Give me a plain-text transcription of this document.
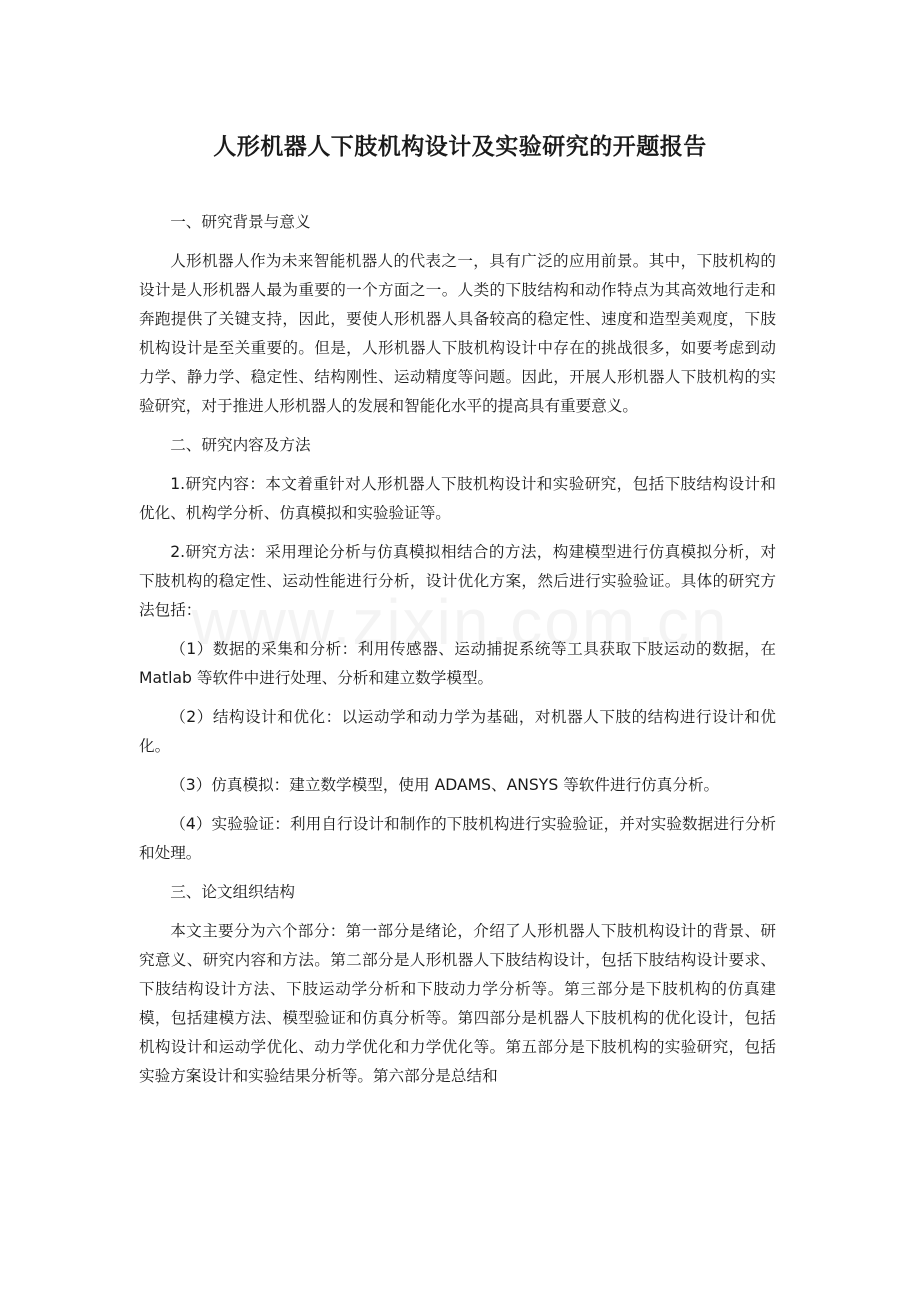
人形机器人下肢机构设计及实验研究的开题报告

一、研究背景与意义

人形机器人作为未来智能机器人的代表之一，具有广泛的应用前景。其中，下肢机构的设计是人形机器人最为重要的一个方面之一。人类的下肢结构和动作特点为其高效地行走和奔跑提供了关键支持，因此，要使人形机器人具备较高的稳定性、速度和造型美观度，下肢机构设计是至关重要的。但是，人形机器人下肢机构设计中存在的挑战很多，如要考虑到动力学、静力学、稳定性、结构刚性、运动精度等问题。因此，开展人形机器人下肢机构的实验研究，对于推进人形机器人的发展和智能化水平的提高具有重要意义。

二、研究内容及方法

1.研究内容：本文着重针对人形机器人下肢机构设计和实验研究，包括下肢结构设计和优化、机构学分析、仿真模拟和实验验证等。

2.研究方法：采用理论分析与仿真模拟相结合的方法，构建模型进行仿真模拟分析，对下肢机构的稳定性、运动性能进行分析，设计优化方案，然后进行实验验证。具体的研究方法包括：

（1）数据的采集和分析：利用传感器、运动捕捉系统等工具获取下肢运动的数据，在 Matlab 等软件中进行处理、分析和建立数学模型。

（2）结构设计和优化：以运动学和动力学为基础，对机器人下肢的结构进行设计和优化。

（3）仿真模拟：建立数学模型，使用 ADAMS、ANSYS 等软件进行仿真分析。

（4）实验验证：利用自行设计和制作的下肢机构进行实验验证，并对实验数据进行分析和处理。

三、论文组织结构

本文主要分为六个部分：第一部分是绪论，介绍了人形机器人下肢机构设计的背景、研究意义、研究内容和方法。第二部分是人形机器人下肢结构设计，包括下肢结构设计要求、下肢结构设计方法、下肢运动学分析和下肢动力学分析等。第三部分是下肢机构的仿真建模，包括建模方法、模型验证和仿真分析等。第四部分是机器人下肢机构的优化设计，包括机构设计和运动学优化、动力学优化和力学优化等。第五部分是下肢机构的实验研究，包括实验方案设计和实验结果分析等。第六部分是总结和
